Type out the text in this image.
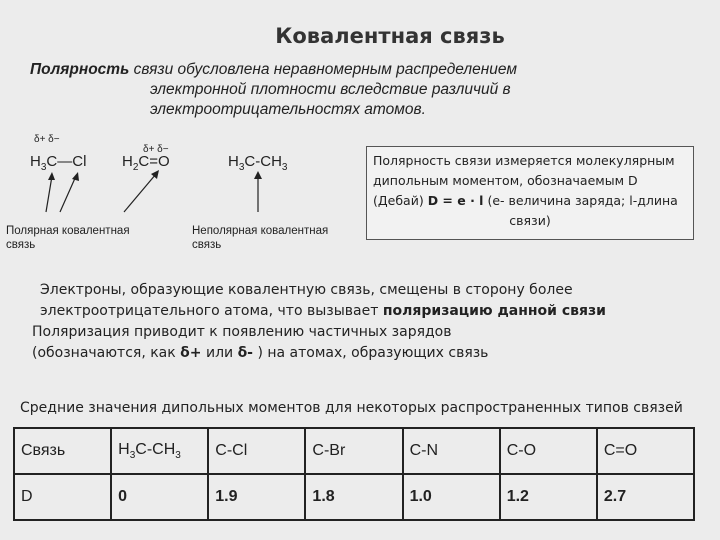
Ковалентная связь
Полярность связи обусловлена неравномерным распределением
электронной плотности вследствие различий в
электроотрицательностях атомов.
δ+ δ−
$H_3C—Cl$
δ+ δ−
$H_2C=O$	$H_3C-CH_3$
Полярная ковалентная
связь
Неполярная ковалентная
связь
Полярность связи измеряется молекулярным
дипольным моментом, обозначаемым D
(Дебай) D = e · l (е- величина заряда; l-длина
связи)
Электроны, образующие ковалентную связь, смещены в сторону более
электроотрицательного атома, что вызывает поляризацию данной связи
Поляризация приводит к появлению частичных зарядов
(обозначаются, как δ+ или δ- ) на атомах, образующих связь
Средние значения дипольных моментов для некоторых распространенных типов связей
Связь	$H_3C-CH_3$	C-Cl	C-Br	C-N	C-O	C=O
D	0	1.9	1.8	1.0	1.2	2.7
